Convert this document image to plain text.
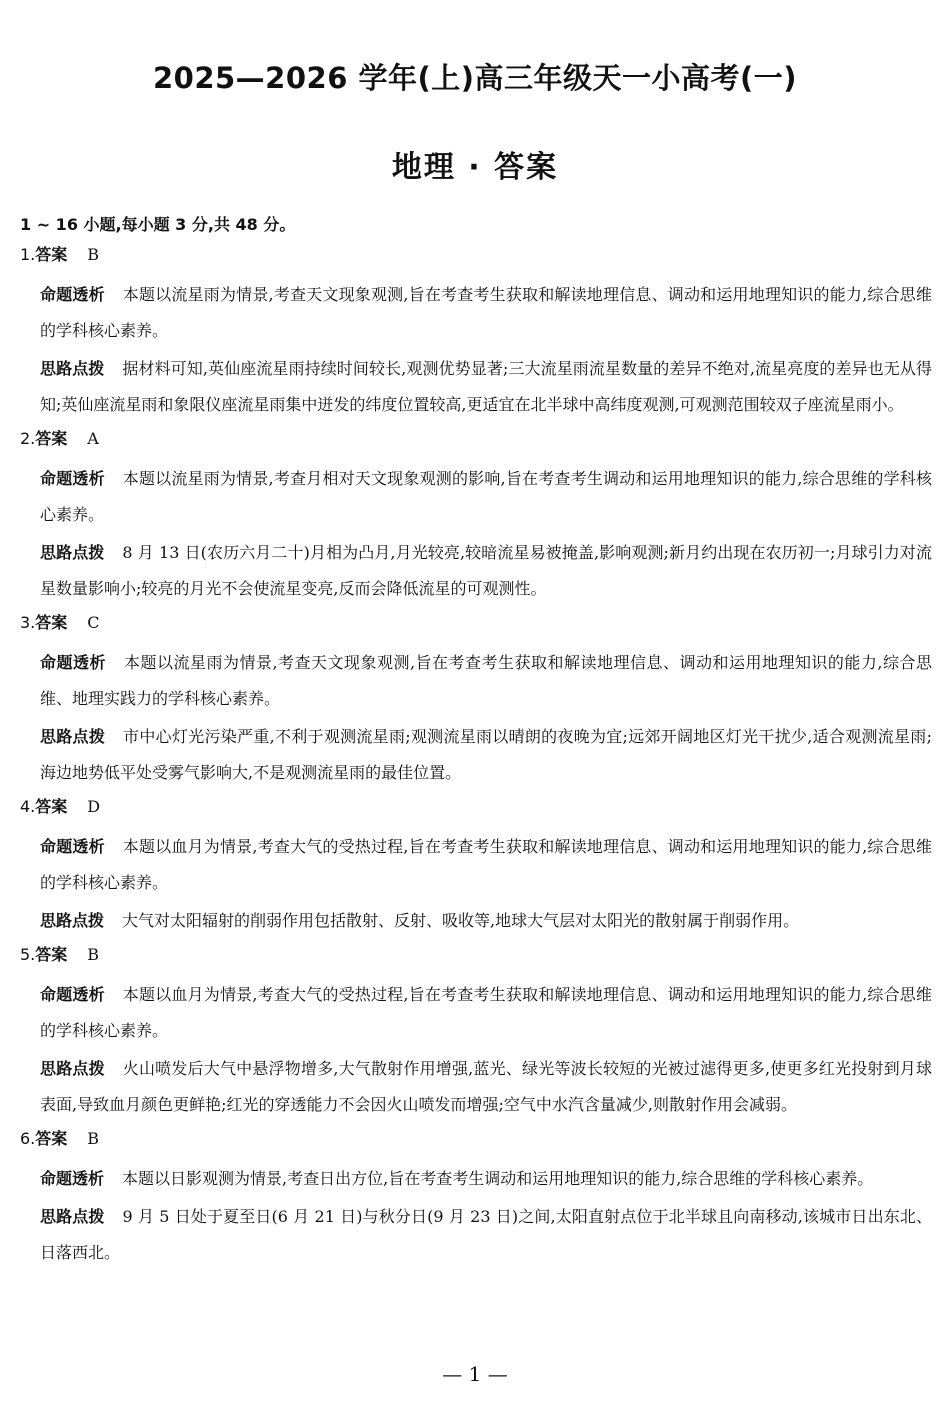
2025—2026 学年(上)高三年级天一小高考(一)
地理 · 答案
1 ~ 16 小题,每小题 3 分,共 48 分。
1. 答案 B
命题透析 本题以流星雨为情景,考查天文现象观测,旨在考查考生获取和解读地理信息、调动和运用地理知识的能力,综合思维的学科核心素养。
思路点拨 据材料可知,英仙座流星雨持续时间较长,观测优势显著;三大流星雨流星数量的差异不绝对,流星亮度的差异也无从得知;英仙座流星雨和象限仪座流星雨集中迸发的纬度位置较高,更适宜在北半球中高纬度观测,可观测范围较双子座流星雨小。
2. 答案 A
命题透析 本题以流星雨为情景,考查月相对天文现象观测的影响,旨在考查考生调动和运用地理知识的能力,综合思维的学科核心素养。
思路点拨 8 月 13 日(农历六月二十)月相为凸月,月光较亮,较暗流星易被掩盖,影响观测;新月约出现在农历初一;月球引力对流星数量影响小;较亮的月光不会使流星变亮,反而会降低流星的可观测性。
3. 答案 C
命题透析 本题以流星雨为情景,考查天文现象观测,旨在考查考生获取和解读地理信息、调动和运用地理知识的能力,综合思维、地理实践力的学科核心素养。
思路点拨 市中心灯光污染严重,不利于观测流星雨;观测流星雨以晴朗的夜晚为宜;远郊开阔地区灯光干扰少,适合观测流星雨;海边地势低平处受雾气影响大,不是观测流星雨的最佳位置。
4. 答案 D
命题透析 本题以血月为情景,考查大气的受热过程,旨在考查考生获取和解读地理信息、调动和运用地理知识的能力,综合思维的学科核心素养。
思路点拨 大气对太阳辐射的削弱作用包括散射、反射、吸收等,地球大气层对太阳光的散射属于削弱作用。
5. 答案 B
命题透析 本题以血月为情景,考查大气的受热过程,旨在考查考生获取和解读地理信息、调动和运用地理知识的能力,综合思维的学科核心素养。
思路点拨 火山喷发后大气中悬浮物增多,大气散射作用增强,蓝光、绿光等波长较短的光被过滤得更多,使更多红光投射到月球表面,导致血月颜色更鲜艳;红光的穿透能力不会因火山喷发而增强;空气中水汽含量减少,则散射作用会减弱。
6. 答案 B
命题透析 本题以日影观测为情景,考查日出方位,旨在考查考生调动和运用地理知识的能力,综合思维的学科核心素养。
思路点拨 9 月 5 日处于夏至日(6 月 21 日)与秋分日(9 月 23 日)之间,太阳直射点位于北半球且向南移动,该城市日出东北、日落西北。
— 1 —
